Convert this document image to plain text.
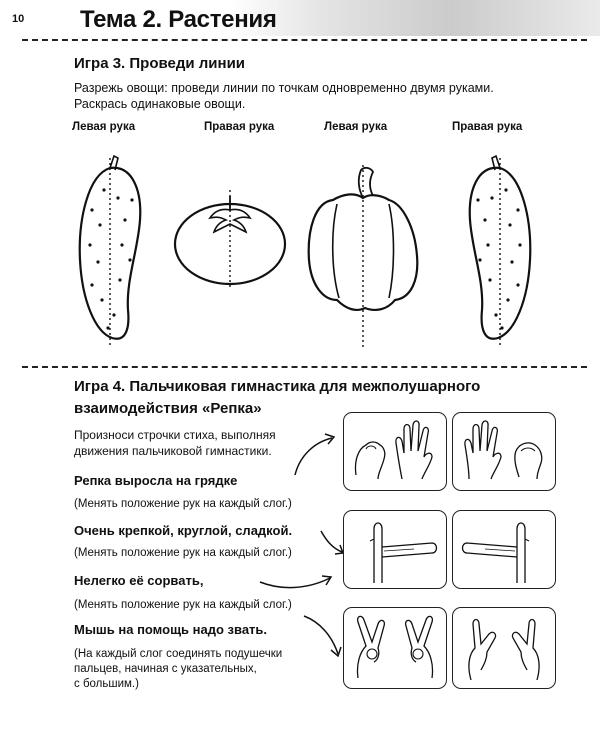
10 Тема 2. Растения
Игра 3. Проведи линии
Разрежь овощи: проведи линии по точкам одновременно двумя руками.
Раскрась одинаковые овощи.
Левая рука	Правая рука	Левая рука	Правая рука
Игра 4. Пальчиковая гимнастика для межполушарного
взаимодействия «Репка»
Произноси строчки стиха, выполняя
движения пальчиковой гимнастики.
Репка выросла на грядке
(Менять положение рук на каждый слог.)
Очень крепкой, круглой, сладкой.
(Менять положение рук на каждый слог.)
Нелегко её сорвать,
(Менять положение рук на каждый слог.)
Мышь на помощь надо звать.
(На каждый слог соединять подушечки
пальцев, начиная с указательных,
с большим.)
